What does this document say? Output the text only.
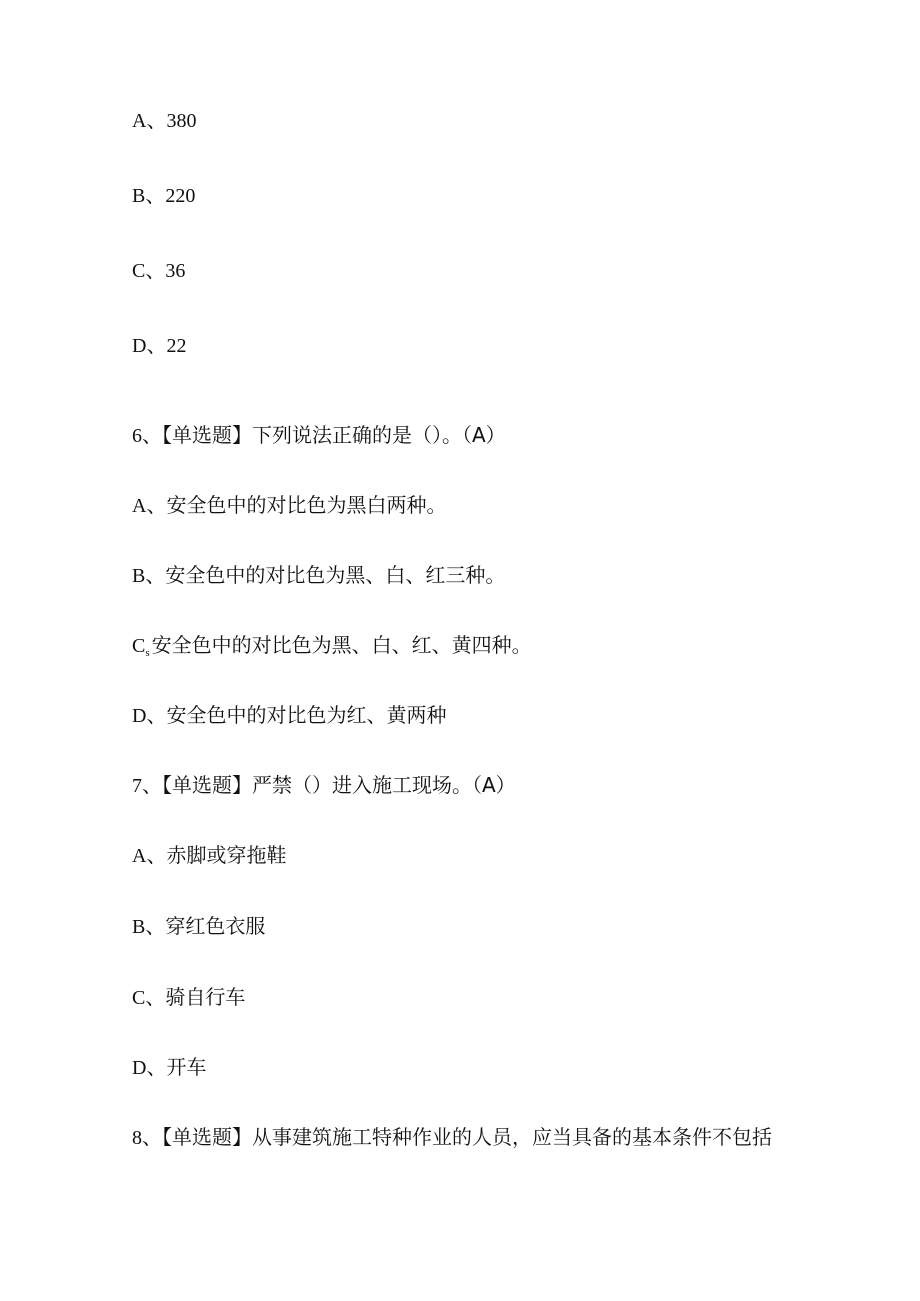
A、380
B、220
C、36
D、22
6、【单选题】下列说法正确的是（）。（A）
A、安全色中的对比色为黑白两种。
B、安全色中的对比色为黑、白、红三种。
$C_s$ 安全色中的对比色为黑、白、红、黄四种。
D、安全色中的对比色为红、黄两种
7、【单选题】严禁（）进入施工现场。（A）
A、赤脚或穿拖鞋
B、穿红色衣服
C、骑自行车
D、开车
8、【单选题】从事建筑施工特种作业的人员，应当具备的基本条件不包括
